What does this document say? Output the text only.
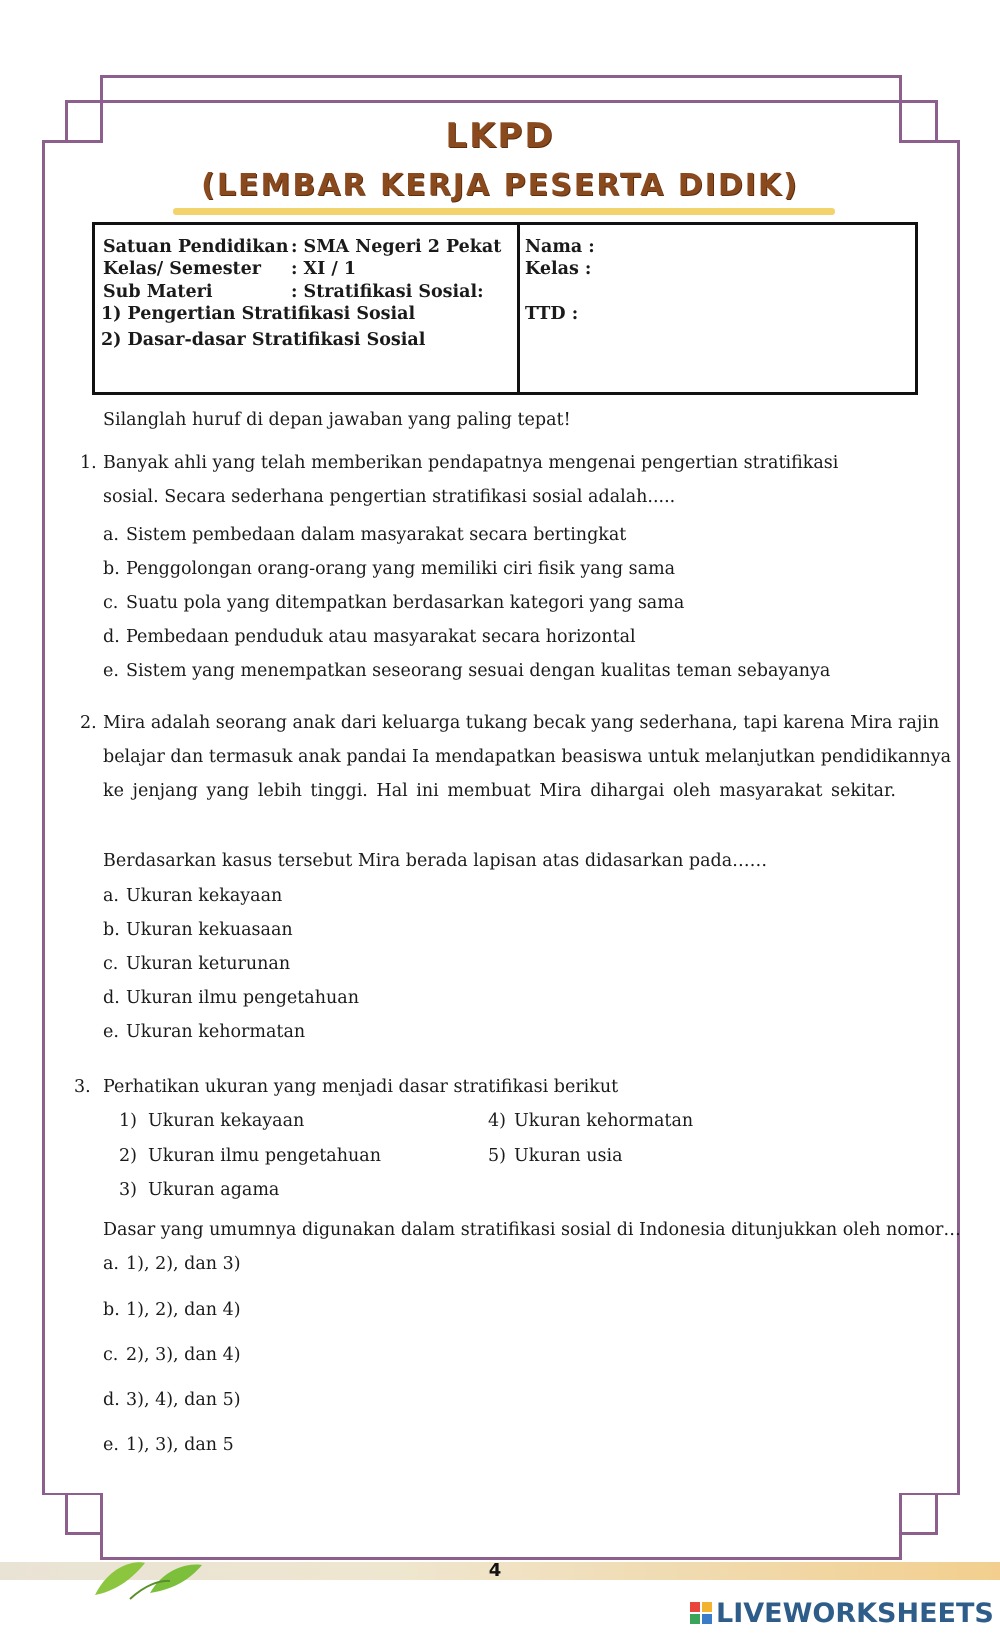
LKPD
(LEMBAR KERJA PESERTA DIDIK)
Satuan Pendidikan : SMA Negeri 2 Pekat
Kelas/ Semester : XI / 1
Sub Materi	: Stratifikasi Sosial:
1) Pengertian Stratifikasi Sosial
2) Dasar-dasar Stratifikasi Sosial
Nama :
Kelas :
TTD :
Silanglah huruf di depan jawaban yang paling tepat!
1. Banyak ahli yang telah memberikan pendapatnya mengenai pengertian stratifikasi
sosial. Secara sederhana pengertian stratifikasi sosial adalah.....
a. Sistem pembedaan dalam masyarakat secara bertingkat
b. Penggolongan orang-orang yang memiliki ciri fisik yang sama
c. Suatu pola yang ditempatkan berdasarkan kategori yang sama
d. Pembedaan penduduk atau masyarakat secara horizontal
e. Sistem yang menempatkan seseorang sesuai dengan kualitas teman sebayanya
2. Mira adalah seorang anak dari keluarga tukang becak yang sederhana, tapi karena Mira rajin
belajar dan termasuk anak pandai Ia mendapatkan beasiswa untuk melanjutkan pendidikannya
ke jenjang yang lebih tinggi. Hal ini membuat Mira dihargai oleh masyarakat sekitar.
Berdasarkan kasus tersebut Mira berada lapisan atas didasarkan pada……
a. Ukuran kekayaan
b. Ukuran kekuasaan
c. Ukuran keturunan
d. Ukuran ilmu pengetahuan
e. Ukuran kehormatan
3. Perhatikan ukuran yang menjadi dasar stratifikasi berikut
1) Ukuran kekayaan
2) Ukuran ilmu pengetahuan
3) Ukuran agama
4) Ukuran kehormatan
5) Ukuran usia
Dasar yang umumnya digunakan dalam stratifikasi sosial di Indonesia ditunjukkan oleh nomor…
a. 1), 2), dan 3)
b. 1), 2), dan 4)
c. 2), 3), dan 4)
d. 3), 4), dan 5)
e. 1), 3), dan 5
4
LIVEWORKSHEETS
